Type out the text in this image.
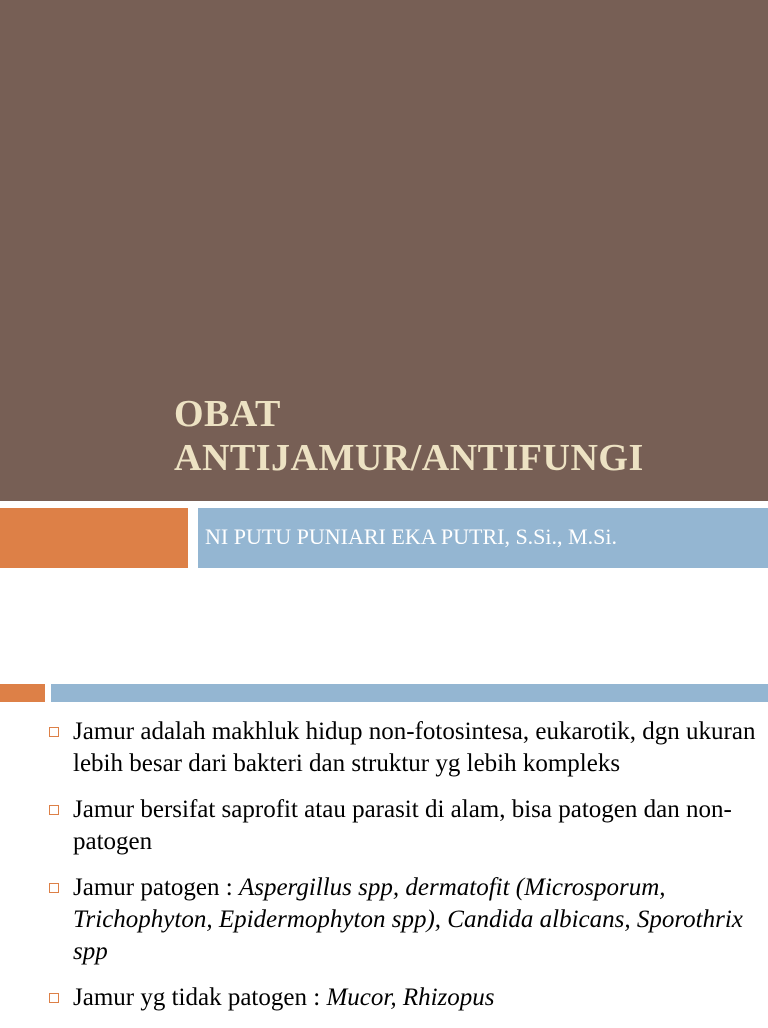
OBAT
ANTIJAMUR/ANTIFUNGI
NI PUTU PUNIARI EKA PUTRI, S.Si., M.Si.
Jamur adalah makhluk hidup non-fotosintesa, eukarotik, dgn ukuran lebih besar dari bakteri dan struktur yg lebih kompleks
Jamur bersifat saprofit atau parasit di alam, bisa patogen dan non-patogen
Jamur patogen : Aspergillus spp, dermatofit (Microsporum, Trichophyton, Epidermophyton spp), Candida albicans, Sporothrix spp
Jamur yg tidak patogen : Mucor, Rhizopus
